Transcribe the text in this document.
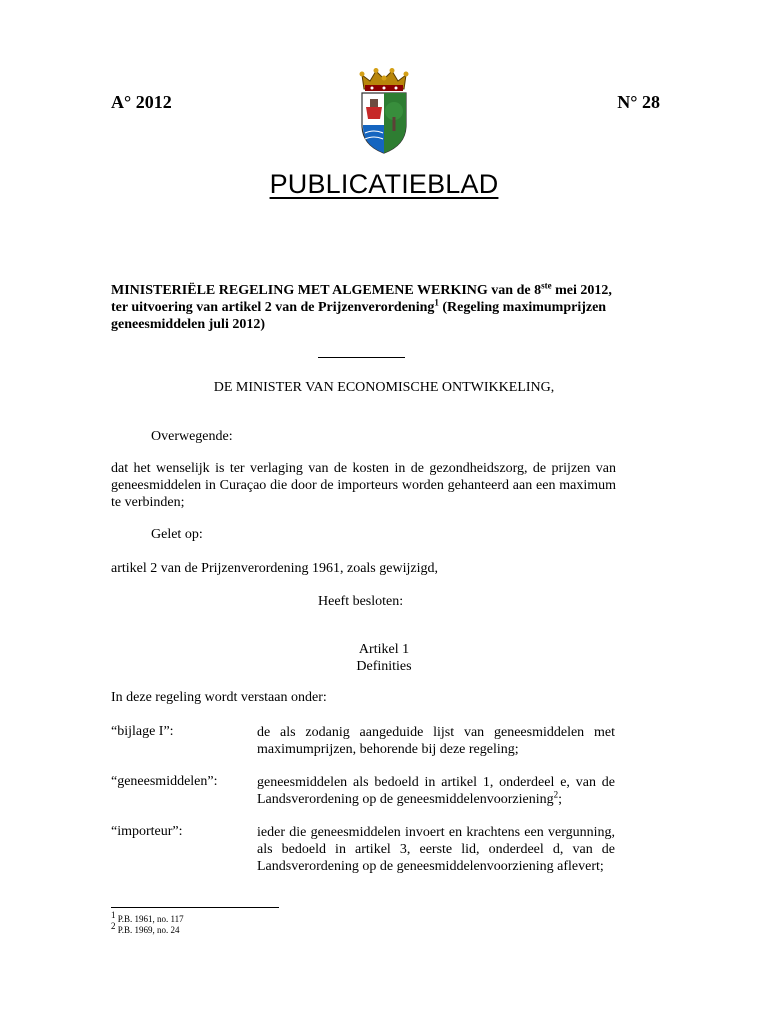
A° 2012	N° 28
PUBLICATIEBLAD
MINISTERIËLE REGELING MET ALGEMENE WERKING van de 8ste mei 2012,
ter uitvoering van artikel 2 van de Prijzenverordening$^1$ (Regeling maximumprijzen
geneesmiddelen juli 2012)
DE MINISTER VAN ECONOMISCHE ONTWIKKELING,
Overwegende:
dat het wenselijk is ter verlaging van de kosten in de gezondheidszorg, de prijzen van geneesmiddelen in Curaçao die door de importeurs worden gehanteerd aan een maximum te verbinden;
Gelet op:
artikel 2 van de Prijzenverordening 1961, zoals gewijzigd,
Heeft besloten:
Artikel 1
Definities
In deze regeling wordt verstaan onder:
“bijlage I”:	de als zodanig aangeduide lijst van geneesmiddelen met maximumprijzen, behorende bij deze regeling;
“geneesmiddelen”:	geneesmiddelen als bedoeld in artikel 1, onderdeel e, van de Landsverordening op de geneesmiddelenvoorziening$^2$;
“importeur”:	ieder die geneesmiddelen invoert en krachtens een vergunning, als bedoeld in artikel 3, eerste lid, onderdeel d, van de Landsverordening op de geneesmiddelenvoorziening aflevert;
$^1$ P.B. 1961, no. 117
$^2$ P.B. 1969, no. 24
